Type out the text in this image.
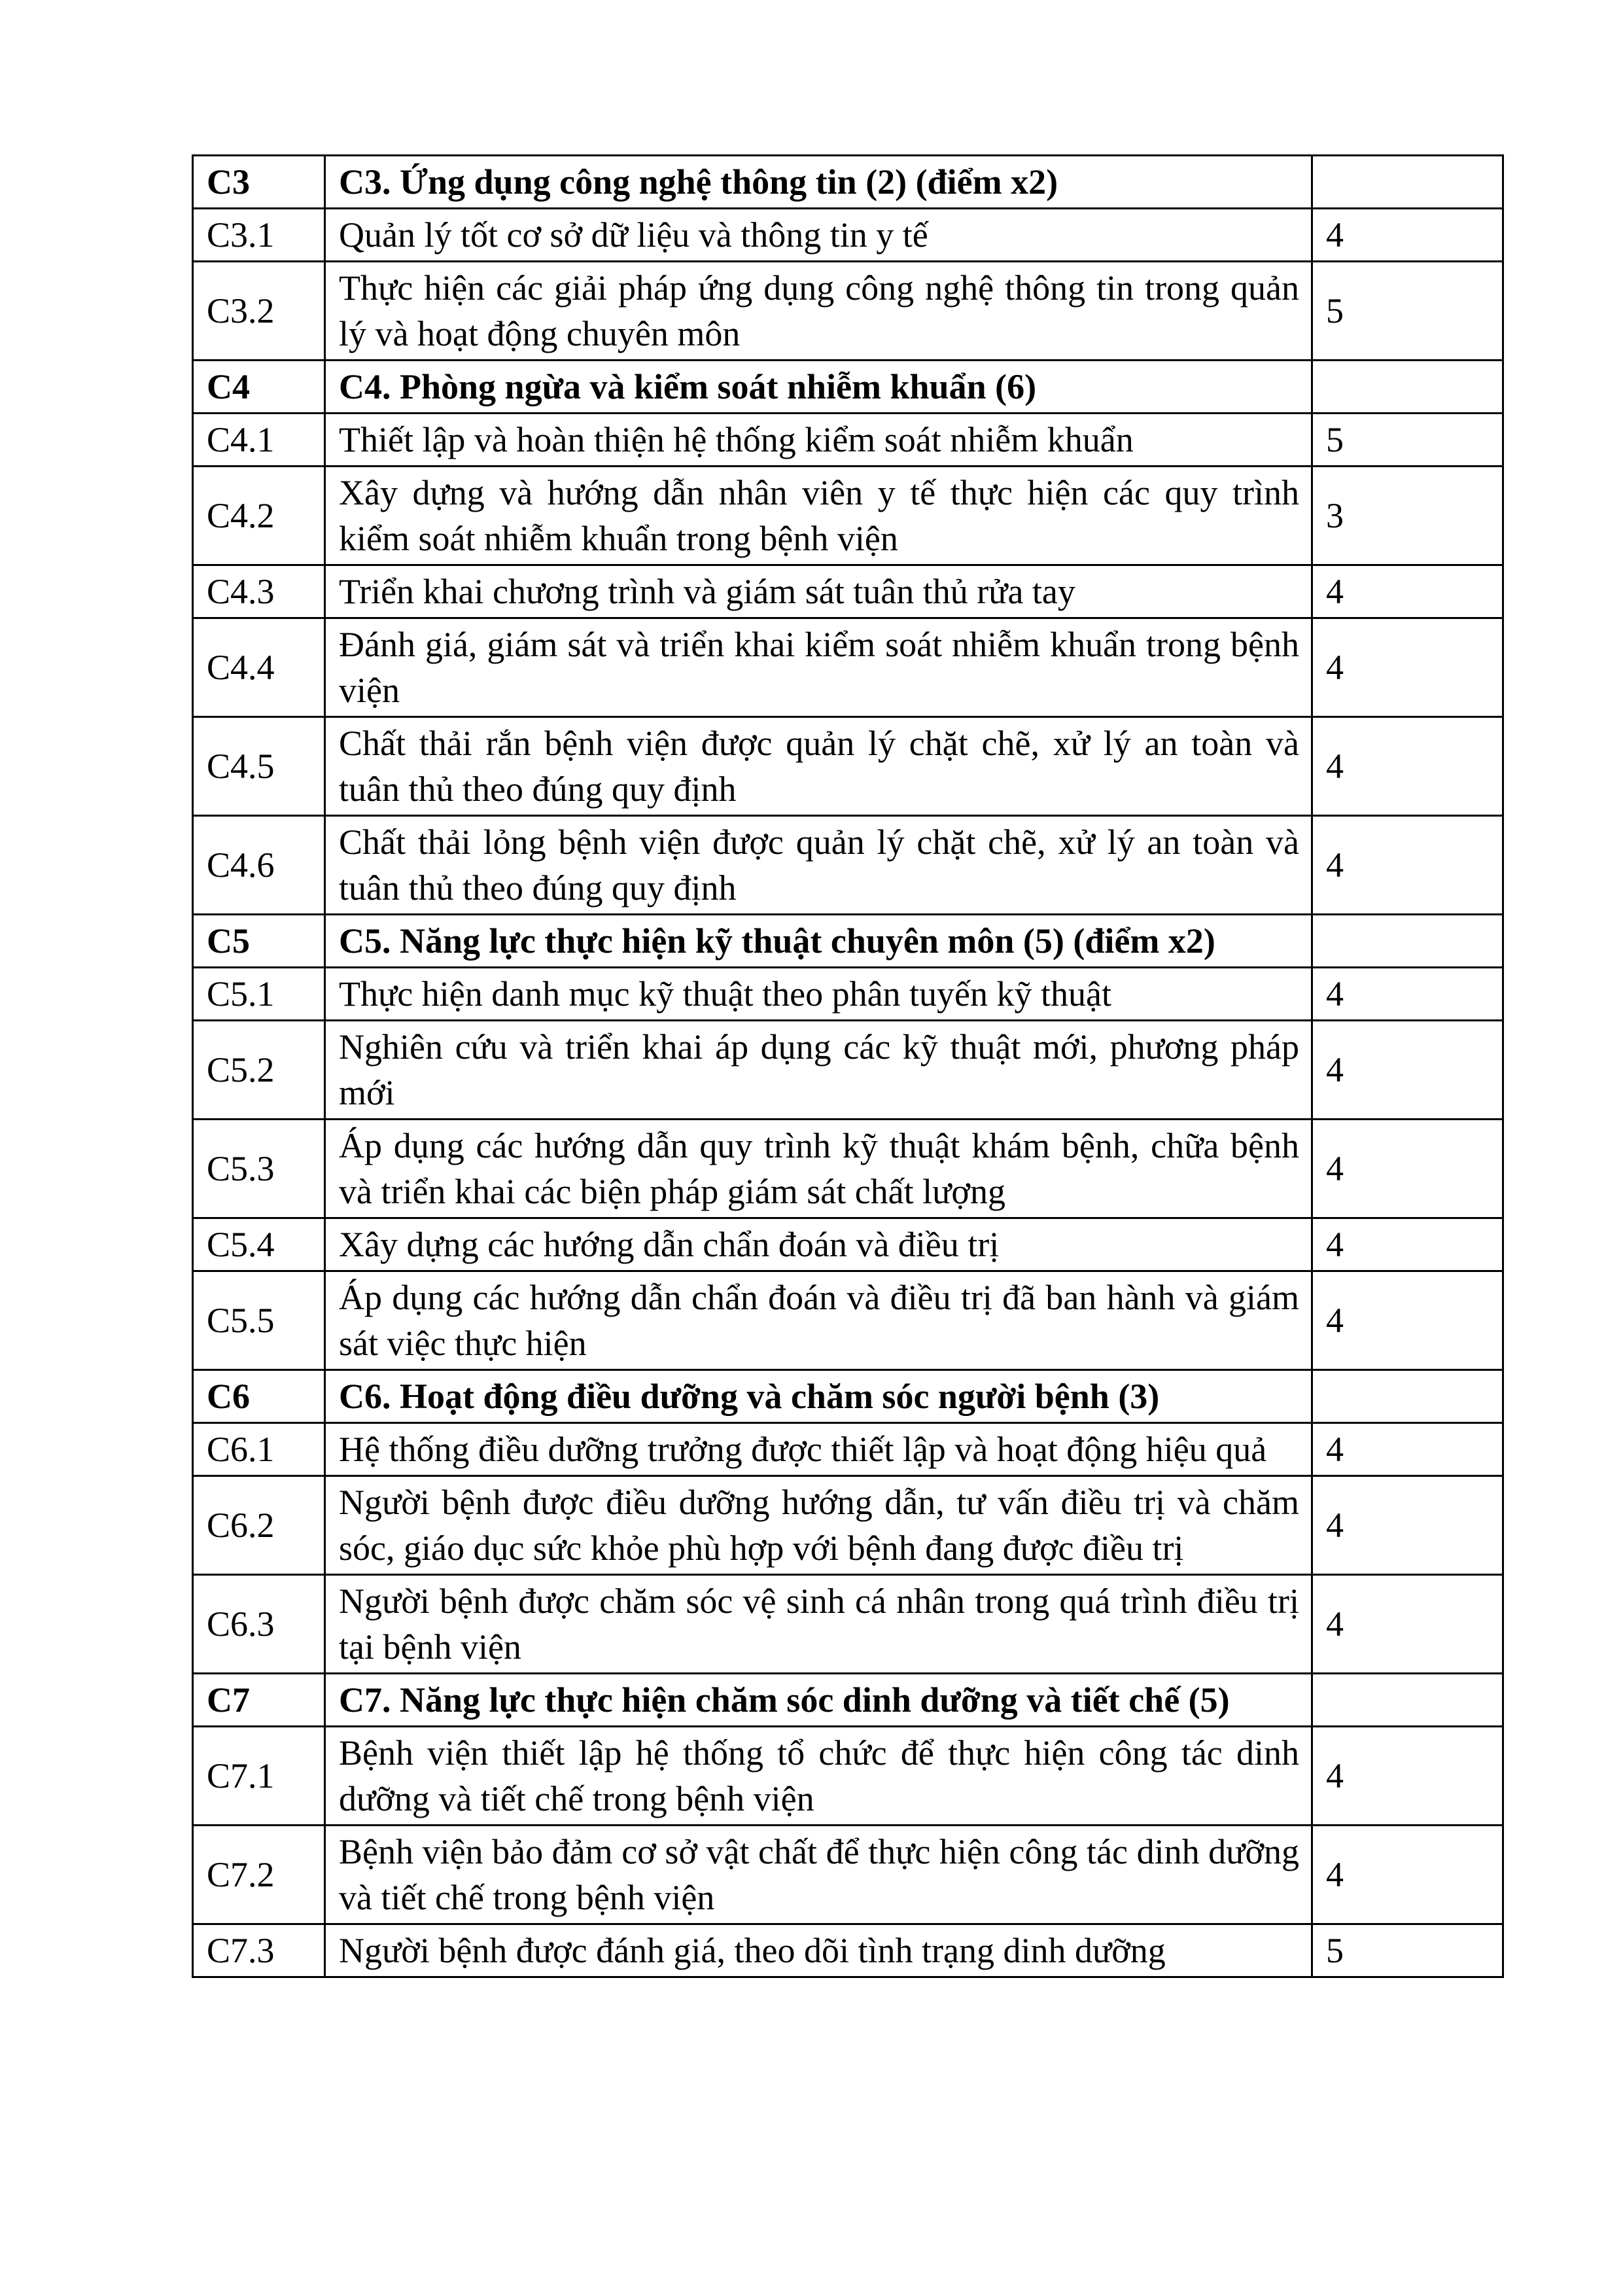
C3	C3. Ứng dụng công nghệ thông tin (2) (điểm x2)	
C3.1	Quản lý tốt cơ sở dữ liệu và thông tin y tế	4
C3.2	Thực hiện các giải pháp ứng dụng công nghệ thông tin trong quản lý và hoạt động chuyên môn	5
C4	C4. Phòng ngừa và kiểm soát nhiễm khuẩn (6)	
C4.1	Thiết lập và hoàn thiện hệ thống kiểm soát nhiễm khuẩn	5
C4.2	Xây dựng và hướng dẫn nhân viên y tế thực hiện các quy trình kiểm soát nhiễm khuẩn trong bệnh viện	3
C4.3	Triển khai chương trình và giám sát tuân thủ rửa tay	4
C4.4	Đánh giá, giám sát và triển khai kiểm soát nhiễm khuẩn trong bệnh viện	4
C4.5	Chất thải rắn bệnh viện được quản lý chặt chẽ, xử lý an toàn và tuân thủ theo đúng quy định	4
C4.6	Chất thải lỏng bệnh viện được quản lý chặt chẽ, xử lý an toàn và tuân thủ theo đúng quy định	4
C5	C5. Năng lực thực hiện kỹ thuật chuyên môn (5) (điểm x2)	
C5.1	Thực hiện danh mục kỹ thuật theo phân tuyến kỹ thuật	4
C5.2	Nghiên cứu và triển khai áp dụng các kỹ thuật mới, phương pháp mới	4
C5.3	Áp dụng các hướng dẫn quy trình kỹ thuật khám bệnh, chữa bệnh và triển khai các biện pháp giám sát chất lượng	4
C5.4	Xây dựng các hướng dẫn chẩn đoán và điều trị	4
C5.5	Áp dụng các hướng dẫn chẩn đoán và điều trị đã ban hành và giám sát việc thực hiện	4
C6	C6. Hoạt động điều dưỡng và chăm sóc người bệnh (3)	
C6.1	Hệ thống điều dưỡng trưởng được thiết lập và hoạt động hiệu quả	4
C6.2	Người bệnh được điều dưỡng hướng dẫn, tư vấn điều trị và chăm sóc, giáo dục sức khỏe phù hợp với bệnh đang được điều trị	4
C6.3	Người bệnh được chăm sóc vệ sinh cá nhân trong quá trình điều trị tại bệnh viện	4
C7	C7. Năng lực thực hiện chăm sóc dinh dưỡng và tiết chế (5)	
C7.1	Bệnh viện thiết lập hệ thống tổ chức để thực hiện công tác dinh dưỡng và tiết chế trong bệnh viện	4
C7.2	Bệnh viện bảo đảm cơ sở vật chất để thực hiện công tác dinh dưỡng và tiết chế trong bệnh viện	4
C7.3	Người bệnh được đánh giá, theo dõi tình trạng dinh dưỡng	5
